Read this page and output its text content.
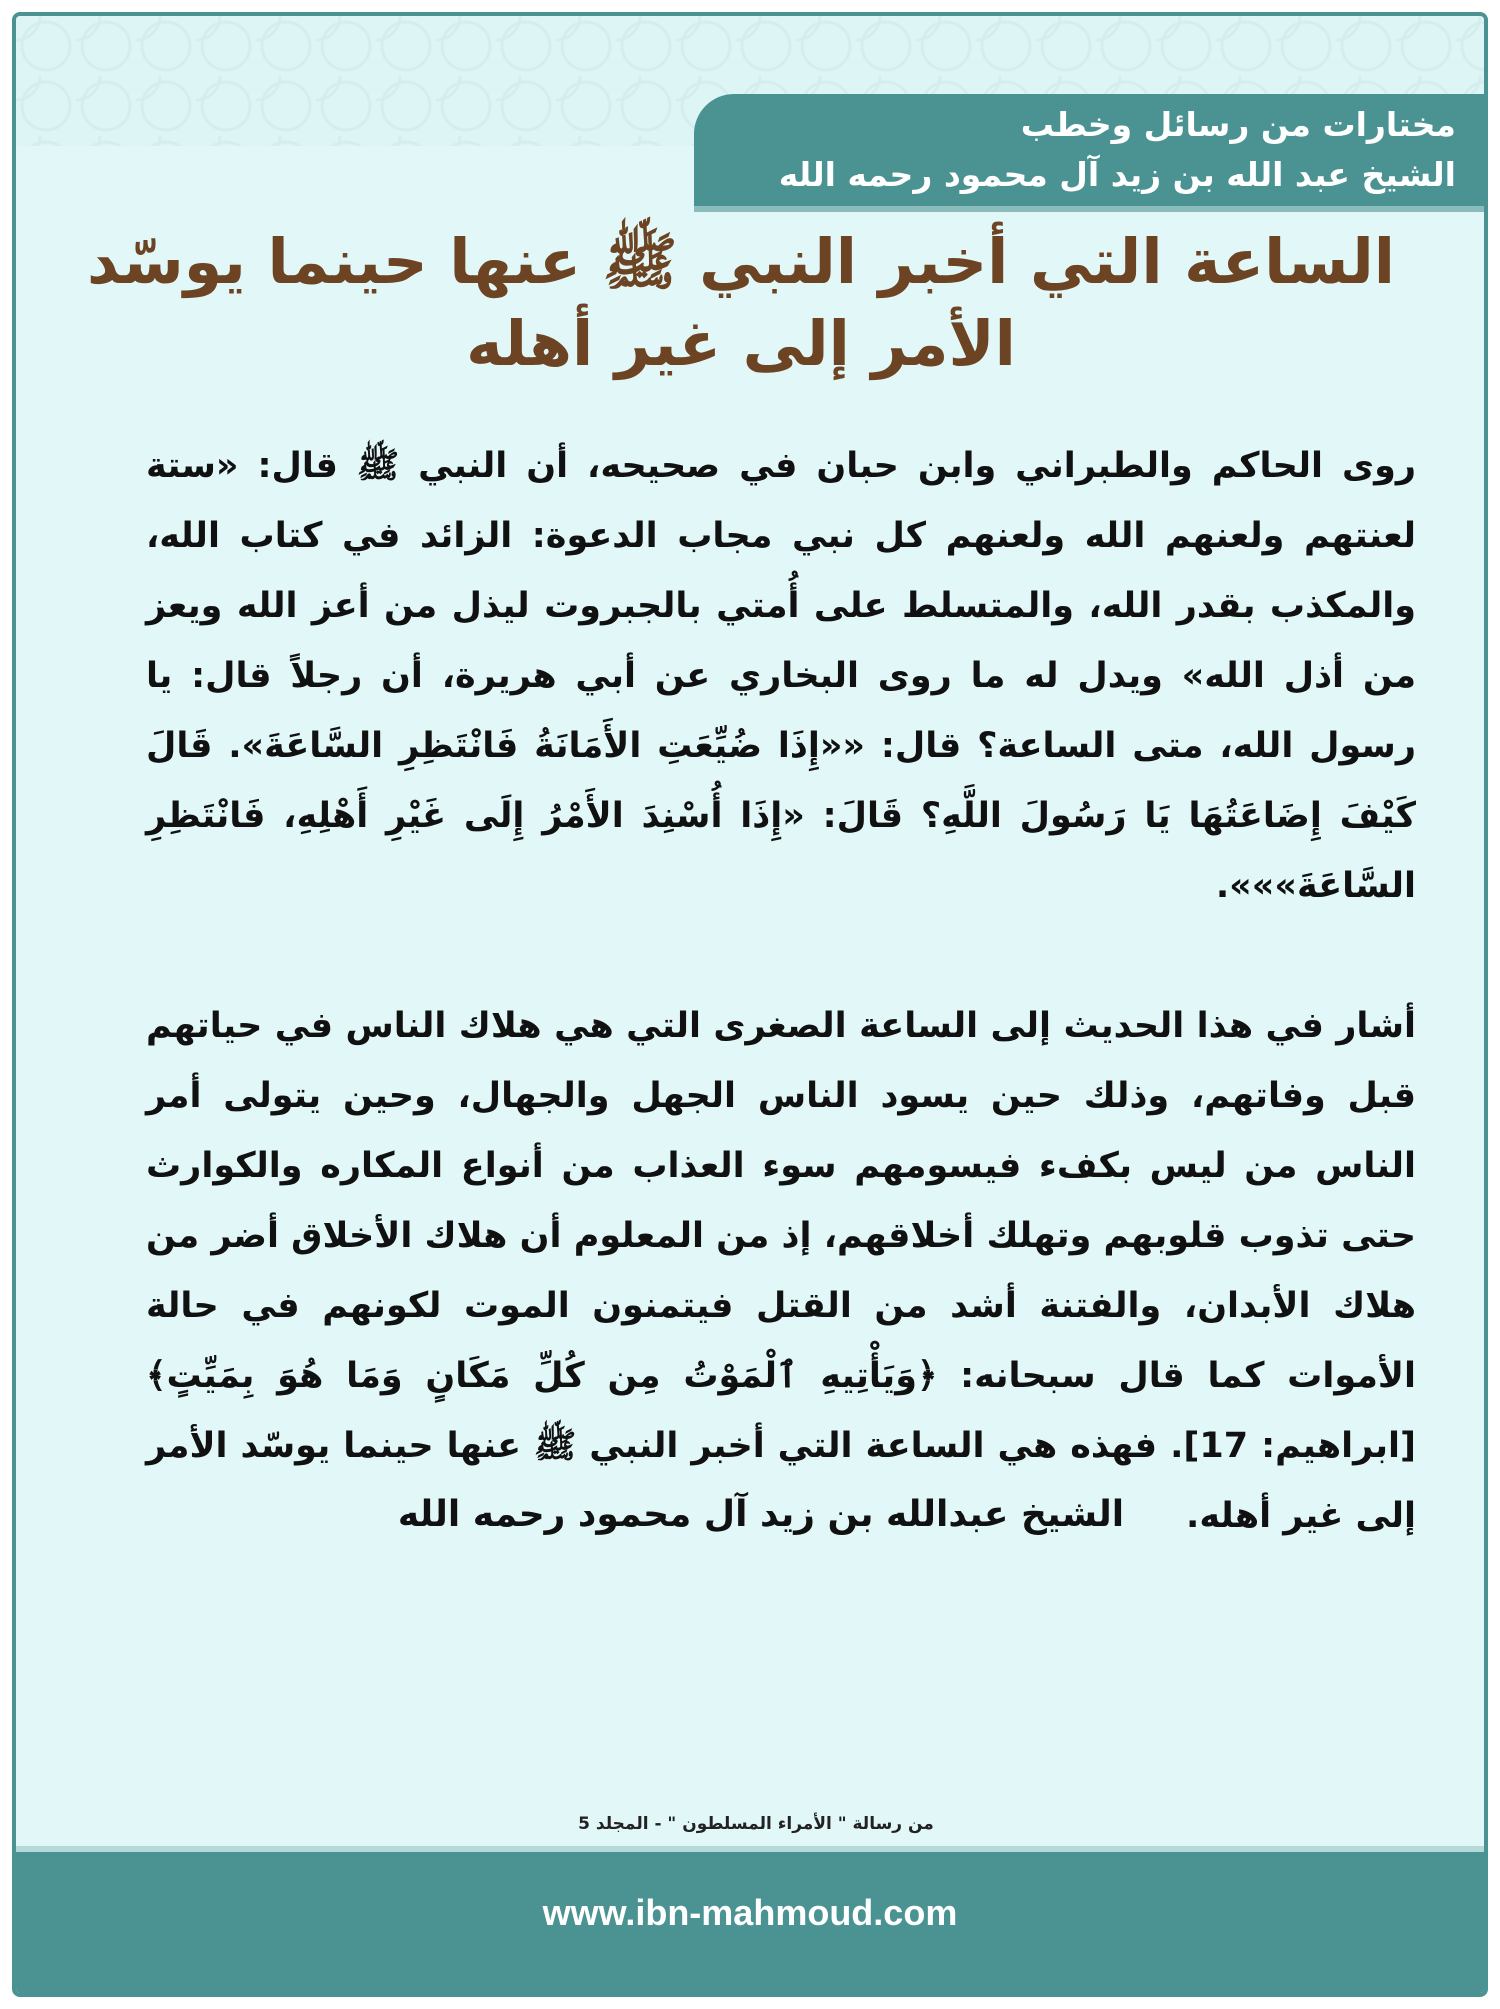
مختارات من رسائل وخطب
الشيخ عبد الله بن زيد آل محمود رحمه الله
الساعة التي أخبر النبي ﷺ عنها حينما يوسّد
الأمر إلى غير أهله

روى الحاكم والطبراني وابن حبان في صحيحه، أن النبي ﷺ قال: «ستة لعنتهم ولعنهم الله ولعنهم كل نبي مجاب الدعوة: الزائد في كتاب الله، والمكذب بقدر الله، والمتسلط على أُمتي بالجبروت ليذل من أعز الله ويعز من أذل الله» ويدل له ما روى البخاري عن أبي هريرة، أن رجلاً قال: يا رسول الله، متى الساعة؟ قال: ««إِذَا ضُيِّعَتِ الأَمَانَةُ فَانْتَظِرِ السَّاعَةَ». قَالَ كَيْفَ إِضَاعَتُهَا يَا رَسُولَ اللَّهِ؟ قَالَ: «إِذَا أُسْنِدَ الأَمْرُ إِلَى غَيْرِ أَهْلِهِ، فَانْتَظِرِ السَّاعَةَ»»».

أشار في هذا الحديث إلى الساعة الصغرى التي هي هلاك الناس في حياتهم قبل وفاتهم، وذلك حين يسود الناس الجهل والجهال، وحين يتولى أمر الناس من ليس بكفء فيسومهم سوء العذاب من أنواع المكاره والكوارث حتى تذوب قلوبهم وتهلك أخلاقهم، إذ من المعلوم أن هلاك الأخلاق أضر من هلاك الأبدان، والفتنة أشد من القتل فيتمنون الموت لكونهم في حالة الأموات كما قال سبحانه: ﴿وَيَأْتِيهِ ٱلْمَوْتُ مِن كُلِّ مَكَانٍ وَمَا هُوَ بِمَيِّتٍ﴾ [ابراهيم: 17]. فهذه هي الساعة التي أخبر النبي ﷺ عنها حينما يوسّد الأمر إلى غير أهله.

الشيخ عبدالله بن زيد آل محمود رحمه الله
من رسالة " الأمراء المسلطون " - المجلد 5
www.ibn-mahmoud.com
